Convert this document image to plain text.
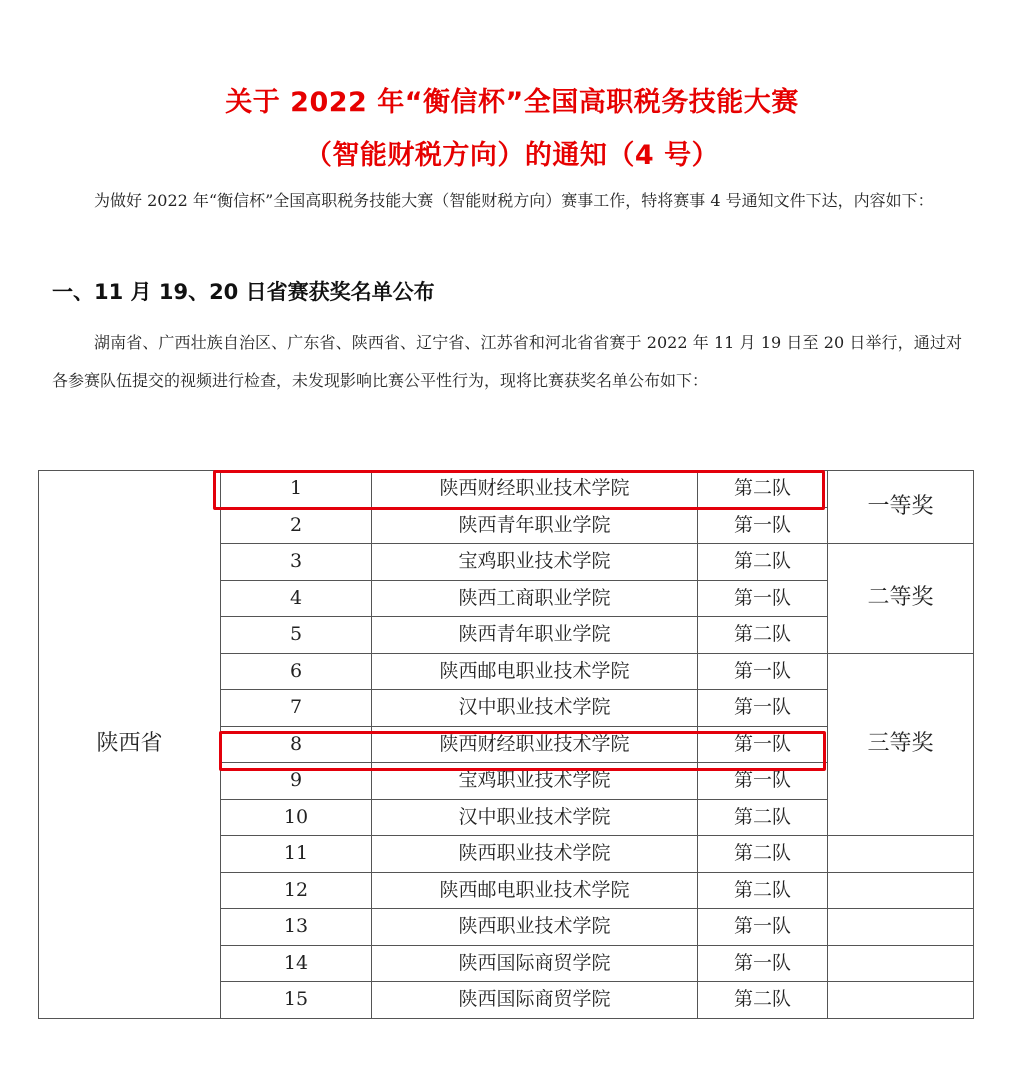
关于 2022 年“衡信杯”全国高职税务技能大赛
（智能财税方向）的通知（4 号）

为做好 2022 年“衡信杯”全国高职税务技能大赛（智能财税方向）赛事工作，特将赛事 4 号通知文件下达，内容如下：

一、11 月 19、20 日省赛获奖名单公布

湖南省、广西壮族自治区、广东省、陕西省、辽宁省、江苏省和河北省省赛于 2022 年 11 月 19 日至 20 日举行，通过对各参赛队伍提交的视频进行检查，未发现影响比赛公平性行为，现将比赛获奖名单公布如下：

陕西省	1	陕西财经职业技术学院	第二队	一等奖
	2	陕西青年职业学院	第一队	
	3	宝鸡职业技术学院	第二队	二等奖
	4	陕西工商职业学院	第一队	
	5	陕西青年职业学院	第二队	
	6	陕西邮电职业技术学院	第一队	三等奖
	7	汉中职业技术学院	第一队	
	8	陕西财经职业技术学院	第一队	
	9	宝鸡职业技术学院	第一队	
	10	汉中职业技术学院	第二队	
	11	陕西职业技术学院	第二队	
	12	陕西邮电职业技术学院	第二队	
	13	陕西职业技术学院	第一队	
	14	陕西国际商贸学院	第一队	
	15	陕西国际商贸学院	第二队	
